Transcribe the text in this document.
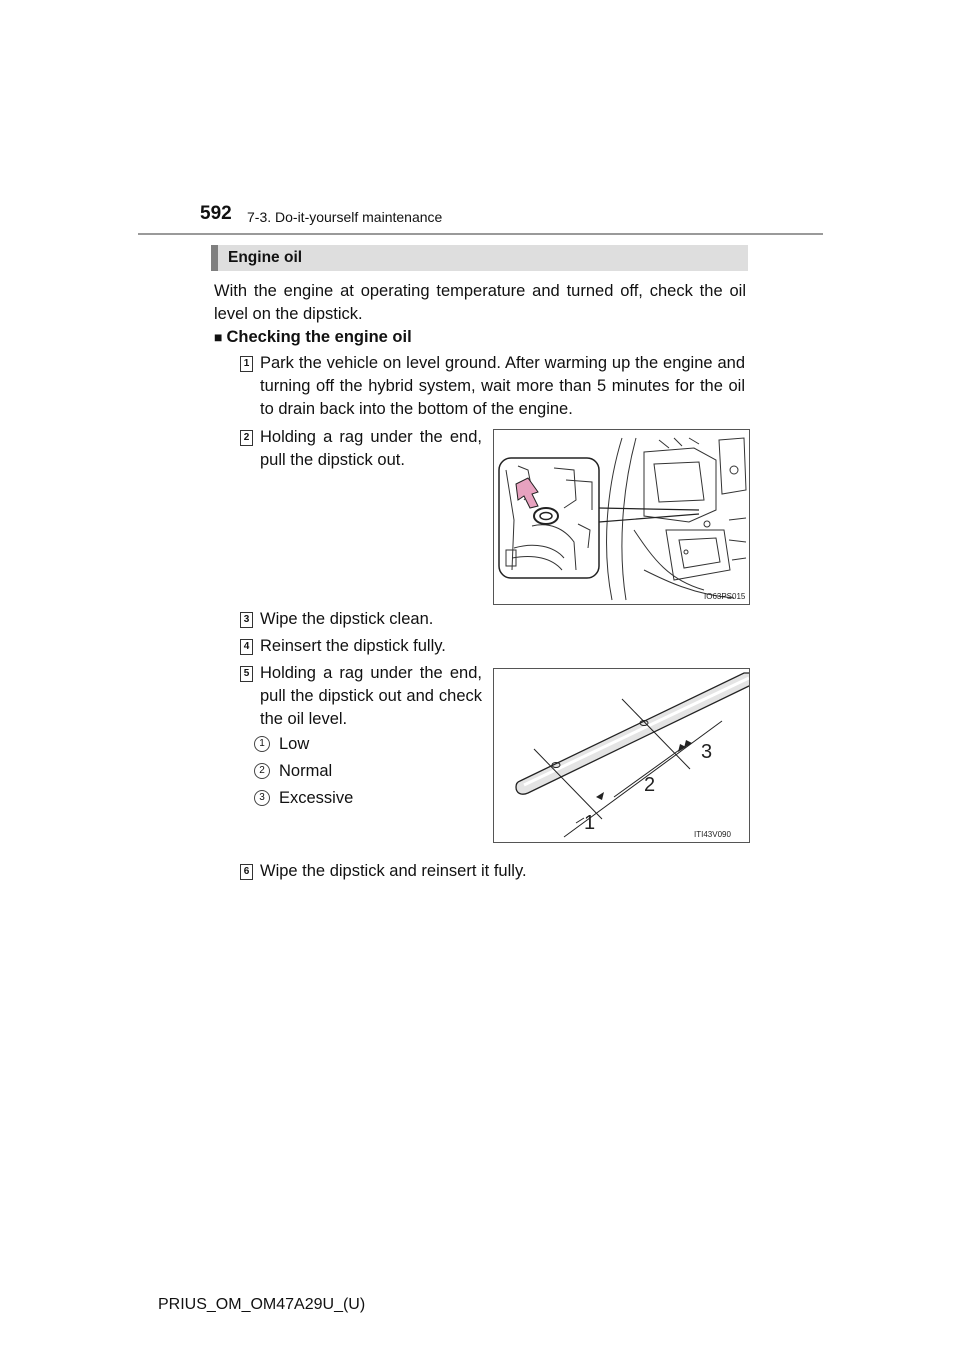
592 7-3. Do-it-yourself maintenance
Engine oil
With the engine at operating temperature and turned off, check the oil level on the dipstick.
■ Checking the engine oil
1 Park the vehicle on level ground. After warming up the engine and turning off the hybrid system, wait more than 5 minutes for the oil to drain back into the bottom of the engine.
2 Holding a rag under the end, pull the dipstick out.
IO63PS015
3 Wipe the dipstick clean.
4 Reinsert the dipstick fully.
5 Holding a rag under the end, pull the dipstick out and check the oil level.
1 Low
2 Normal
3 Excessive
1
2
3
ITI43V090
6 Wipe the dipstick and reinsert it fully.
PRIUS_OM_OM47A29U_(U)
